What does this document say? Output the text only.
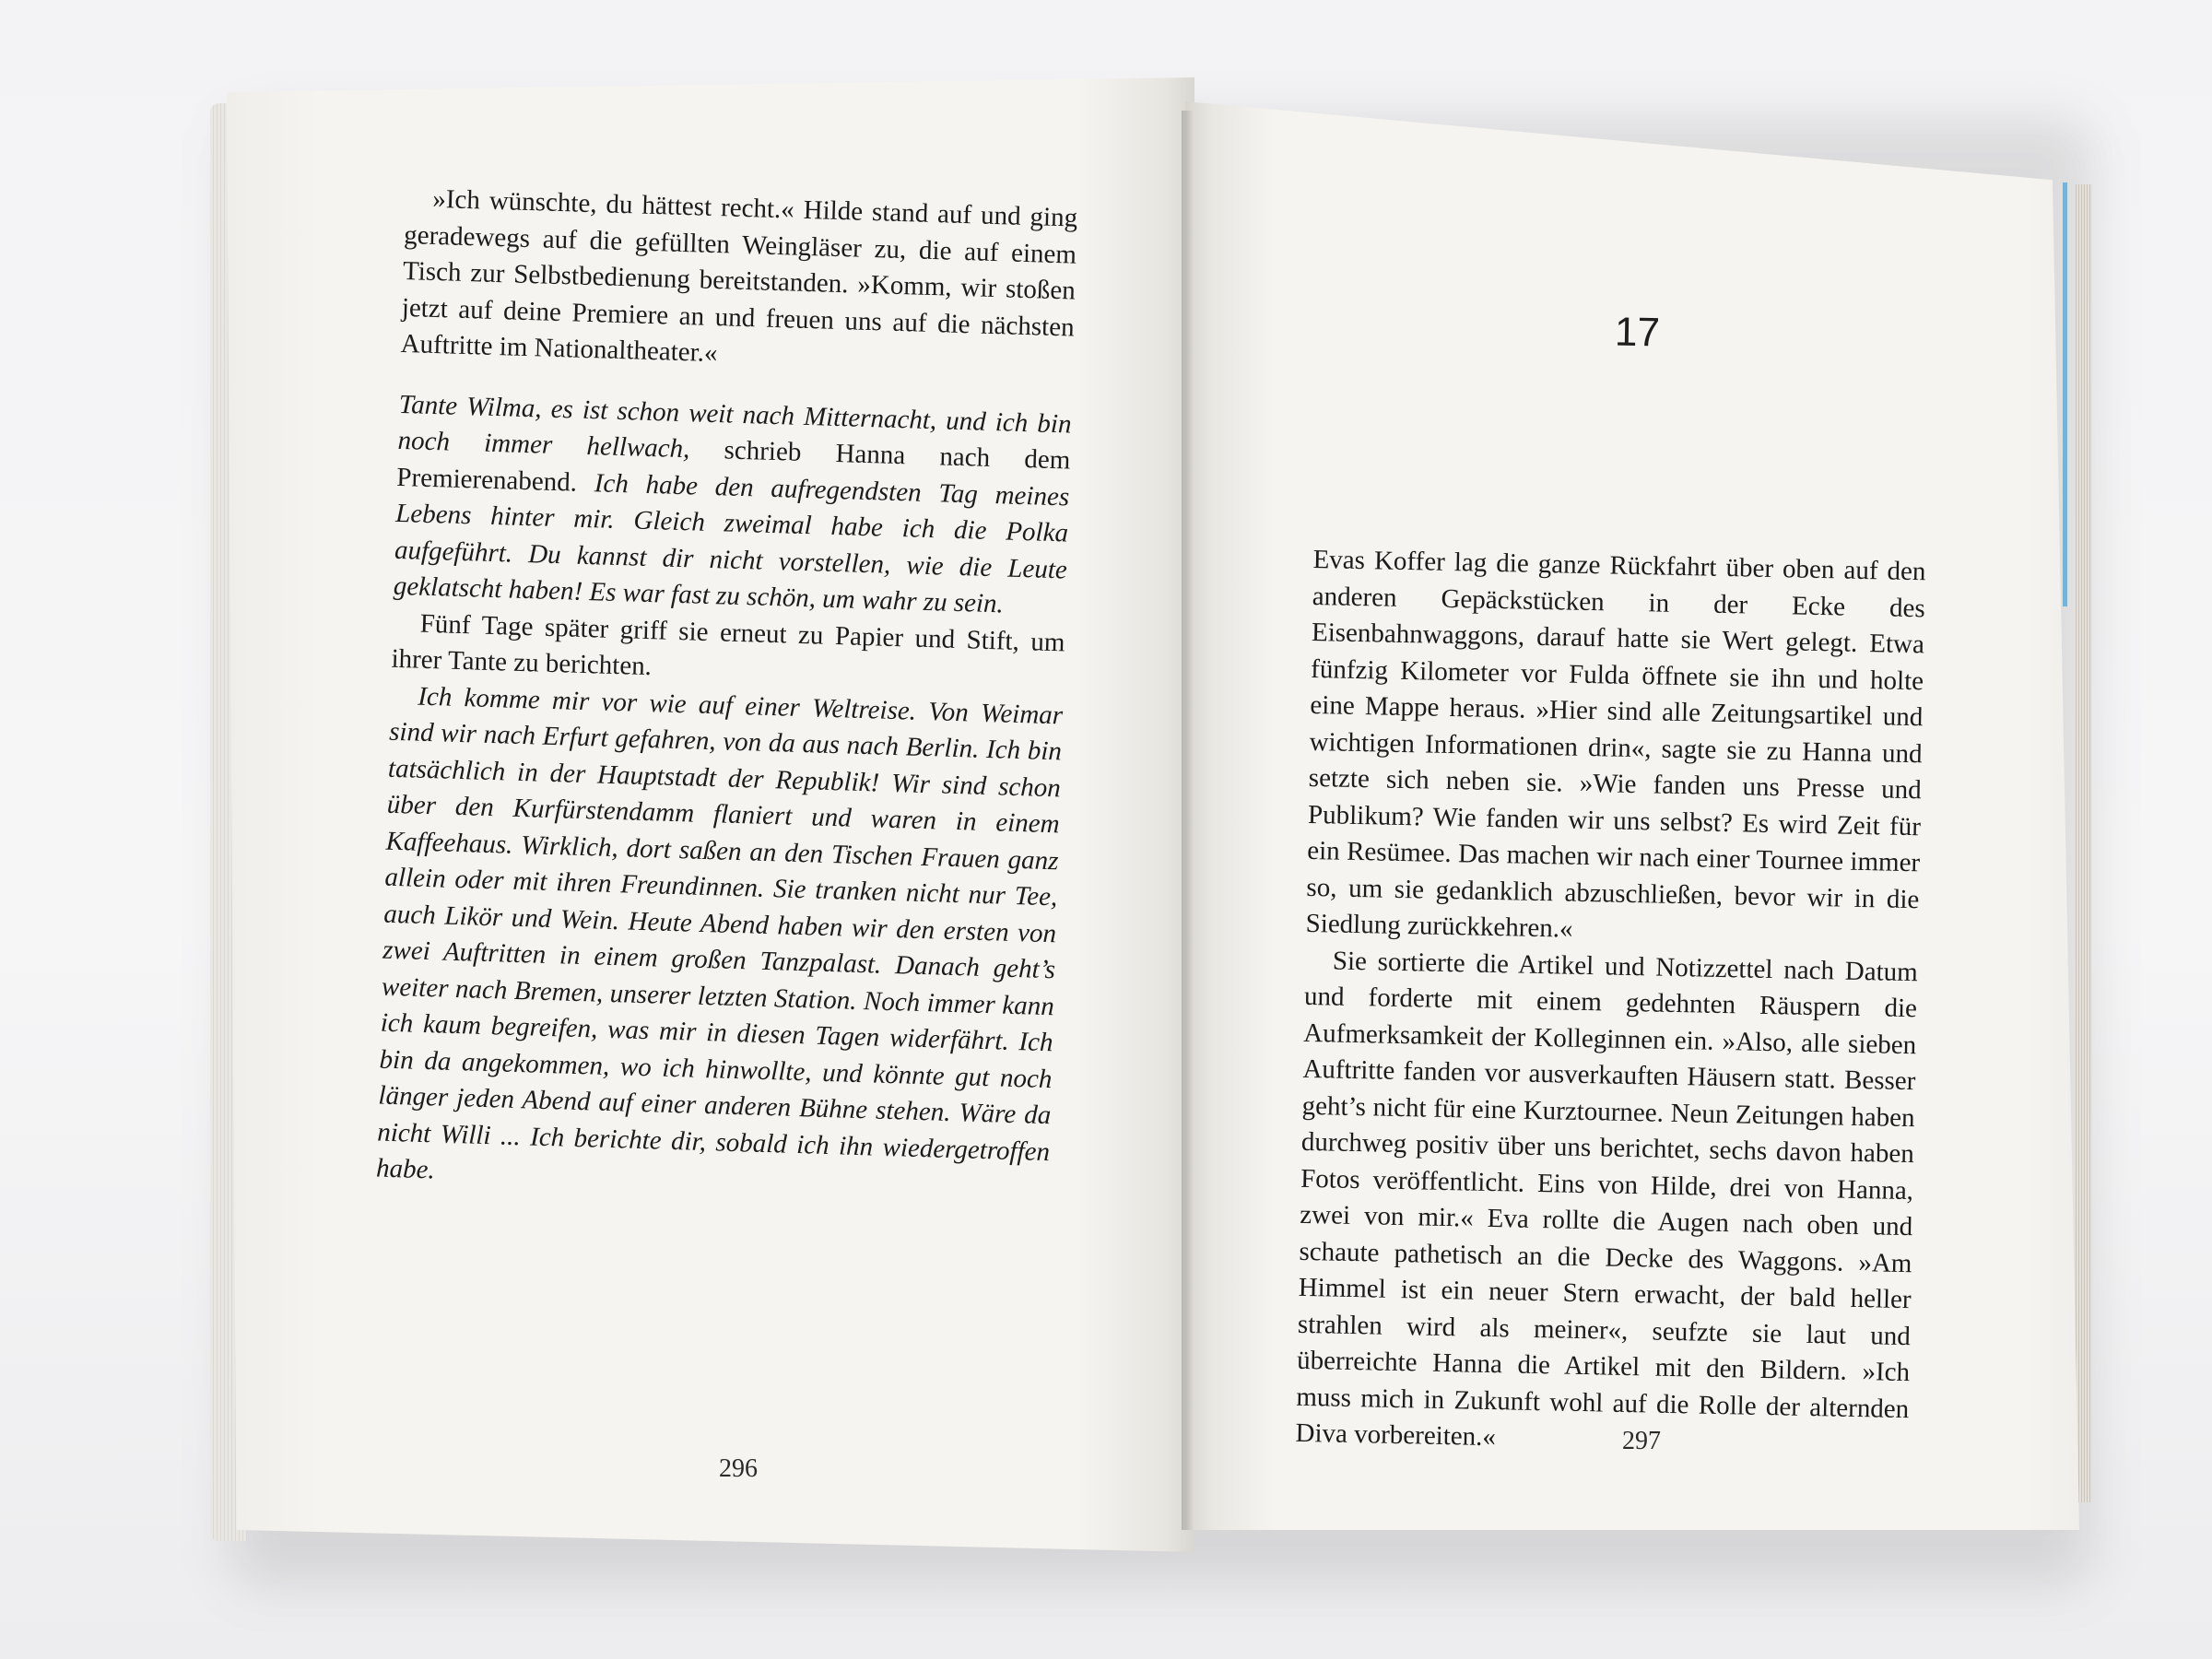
»Ich wünschte, du hättest recht.« Hilde stand auf und ging geradewegs auf die gefüllten Weingläser zu, die auf einem Tisch zur Selbstbedienung bereitstanden. »Komm, wir stoßen jetzt auf deine Premiere an und freuen uns auf die nächsten Auftritte im Nationaltheater.«

Tante Wilma, es ist schon weit nach Mitternacht, und ich bin noch immer hellwach, schrieb Hanna nach dem Premierenabend. Ich habe den aufregendsten Tag meines Lebens hinter mir. Gleich zweimal habe ich die Polka aufgeführt. Du kannst dir nicht vorstellen, wie die Leute geklatscht haben! Es war fast zu schön, um wahr zu sein.

Fünf Tage später griff sie erneut zu Papier und Stift, um ihrer Tante zu berichten.

Ich komme mir vor wie auf einer Weltreise. Von Weimar sind wir nach Erfurt gefahren, von da aus nach Berlin. Ich bin tatsächlich in der Hauptstadt der Republik! Wir sind schon über den Kurfürstendamm flaniert und waren in einem Kaffeehaus. Wirklich, dort saßen an den Tischen Frauen ganz allein oder mit ihren Freundinnen. Sie tranken nicht nur Tee, auch Likör und Wein. Heute Abend haben wir den ersten von zwei Auftritten in einem großen Tanzpalast. Danach geht’s weiter nach Bremen, unserer letzten Station. Noch immer kann ich kaum begreifen, was mir in diesen Tagen widerfährt. Ich bin da angekommen, wo ich hinwollte, und könnte gut noch länger jeden Abend auf einer anderen Bühne stehen. Wäre da nicht Willi ... Ich berichte dir, sobald ich ihn wiedergetroffen habe.

17

Evas Koffer lag die ganze Rückfahrt über oben auf den anderen Gepäckstücken in der Ecke des Eisenbahnwaggons, darauf hatte sie Wert gelegt. Etwa fünfzig Kilometer vor Fulda öffnete sie ihn und holte eine Mappe heraus. »Hier sind alle Zeitungsartikel und wichtigen Informationen drin«, sagte sie zu Hanna und setzte sich neben sie. »Wie fanden uns Presse und Publikum? Wie fanden wir uns selbst? Es wird Zeit für ein Resümee. Das machen wir nach einer Tournee immer so, um sie gedanklich abzuschließen, bevor wir in die Siedlung zurückkehren.«

Sie sortierte die Artikel und Notizzettel nach Datum und forderte mit einem gedehnten Räuspern die Aufmerksamkeit der Kolleginnen ein. »Also, alle sieben Auftritte fanden vor ausverkauften Häusern statt. Besser geht’s nicht für eine Kurztournee. Neun Zeitungen haben durchweg positiv über uns berichtet, sechs davon haben Fotos veröffentlicht. Eins von Hilde, drei von Hanna, zwei von mir.« Eva rollte die Augen nach oben und schaute pathetisch an die Decke des Waggons. »Am Himmel ist ein neuer Stern erwacht, der bald heller strahlen wird als meiner«, seufzte sie laut und überreichte Hanna die Artikel mit den Bildern. »Ich muss mich in Zukunft wohl auf die Rolle der alternden Diva vorbereiten.«

296
297
